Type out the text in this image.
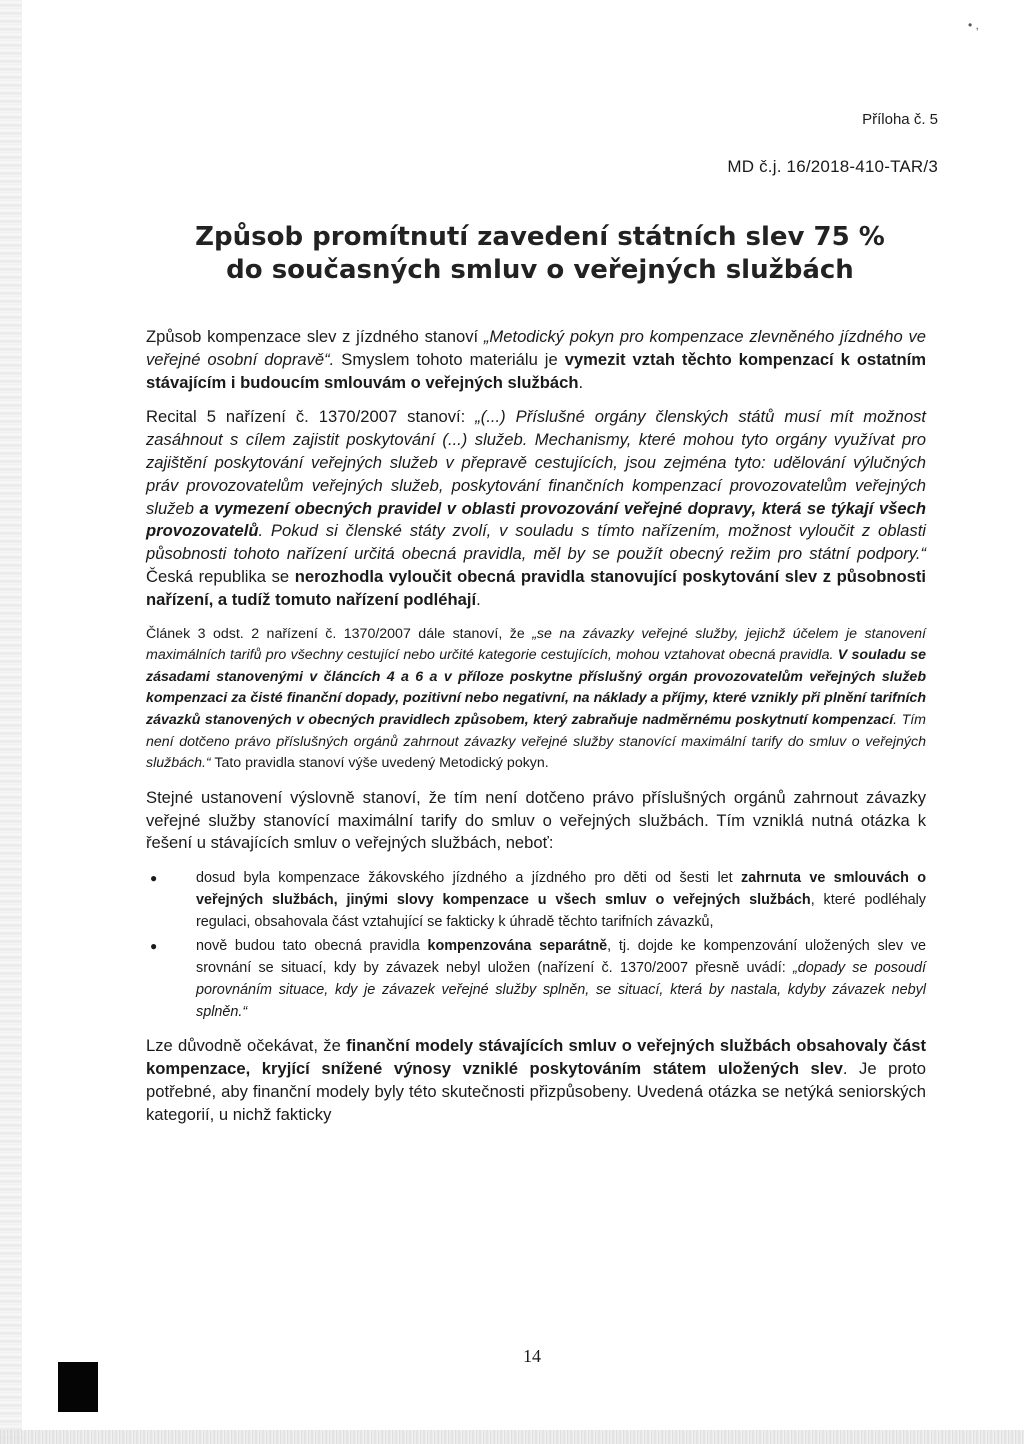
• ,
Příloha č. 5
MD č.j. 16/2018-410-TAR/3
Způsob promítnutí zavedení státních slev 75 %
do současných smluv o veřejných službách

Způsob kompenzace slev z jízdného stanoví „Metodický pokyn pro kompenzace zlevněného jízdného ve veřejné osobní dopravě“. Smyslem tohoto materiálu je vymezit vztah těchto kompenzací k ostatním stávajícím i budoucím smlouvám o veřejných službách.

Recital 5 nařízení č. 1370/2007 stanoví: „(...) Příslušné orgány členských států musí mít možnost zasáhnout s cílem zajistit poskytování (...) služeb. Mechanismy, které mohou tyto orgány využívat pro zajištění poskytování veřejných služeb v přepravě cestujících, jsou zejména tyto: udělování výlučných práv provozovatelům veřejných služeb, poskytování finančních kompenzací provozovatelům veřejných služeb a vymezení obecných pravidel v oblasti provozování veřejné dopravy, která se týkají všech provozovatelů. Pokud si členské státy zvolí, v souladu s tímto nařízením, možnost vyloučit z oblasti působnosti tohoto nařízení určitá obecná pravidla, měl by se použít obecný režim pro státní podpory.“ Česká republika se nerozhodla vyloučit obecná pravidla stanovující poskytování slev z působnosti nařízení, a tudíž tomuto nařízení podléhají.

Článek 3 odst. 2 nařízení č. 1370/2007 dále stanoví, že „se na závazky veřejné služby, jejichž účelem je stanovení maximálních tarifů pro všechny cestující nebo určité kategorie cestujících, mohou vztahovat obecná pravidla. V souladu se zásadami stanovenými v článcích 4 a 6 a v příloze poskytne příslušný orgán provozovatelům veřejných služeb kompenzaci za čisté finanční dopady, pozitivní nebo negativní, na náklady a příjmy, které vznikly při plnění tarifních závazků stanovených v obecných pravidlech způsobem, který zabraňuje nadměrnému poskytnutí kompenzací. Tím není dotčeno právo příslušných orgánů zahrnout závazky veřejné služby stanovící maximální tarify do smluv o veřejných službách.“ Tato pravidla stanoví výše uvedený Metodický pokyn.

Stejné ustanovení výslovně stanoví, že tím není dotčeno právo příslušných orgánů zahrnout závazky veřejné služby stanovící maximální tarify do smluv o veřejných službách. Tím vzniklá nutná otázka k řešení u stávajících smluv o veřejných službách, neboť:

●	dosud byla kompenzace žákovského jízdného a jízdného pro děti od šesti let zahrnuta ve smlouvách o veřejných službách, jinými slovy kompenzace u všech smluv o veřejných službách, které podléhaly regulaci, obsahovala část vztahující se fakticky k úhradě těchto tarifních závazků,
●	nově budou tato obecná pravidla kompenzována separátně, tj. dojde ke kompenzování uložených slev ve srovnání se situací, kdy by závazek nebyl uložen (nařízení č. 1370/2007 přesně uvádí: „dopady se posoudí porovnáním situace, kdy je závazek veřejné služby splněn, se situací, která by nastala, kdyby závazek nebyl splněn.“

Lze důvodně očekávat, že finanční modely stávajících smluv o veřejných službách obsahovaly část kompenzace, kryjící snížené výnosy vzniklé poskytováním státem uložených slev. Je proto potřebné, aby finanční modely byly této skutečnosti přizpůsobeny. Uvedená otázka se netýká seniorských kategorií, u nichž fakticky

14
